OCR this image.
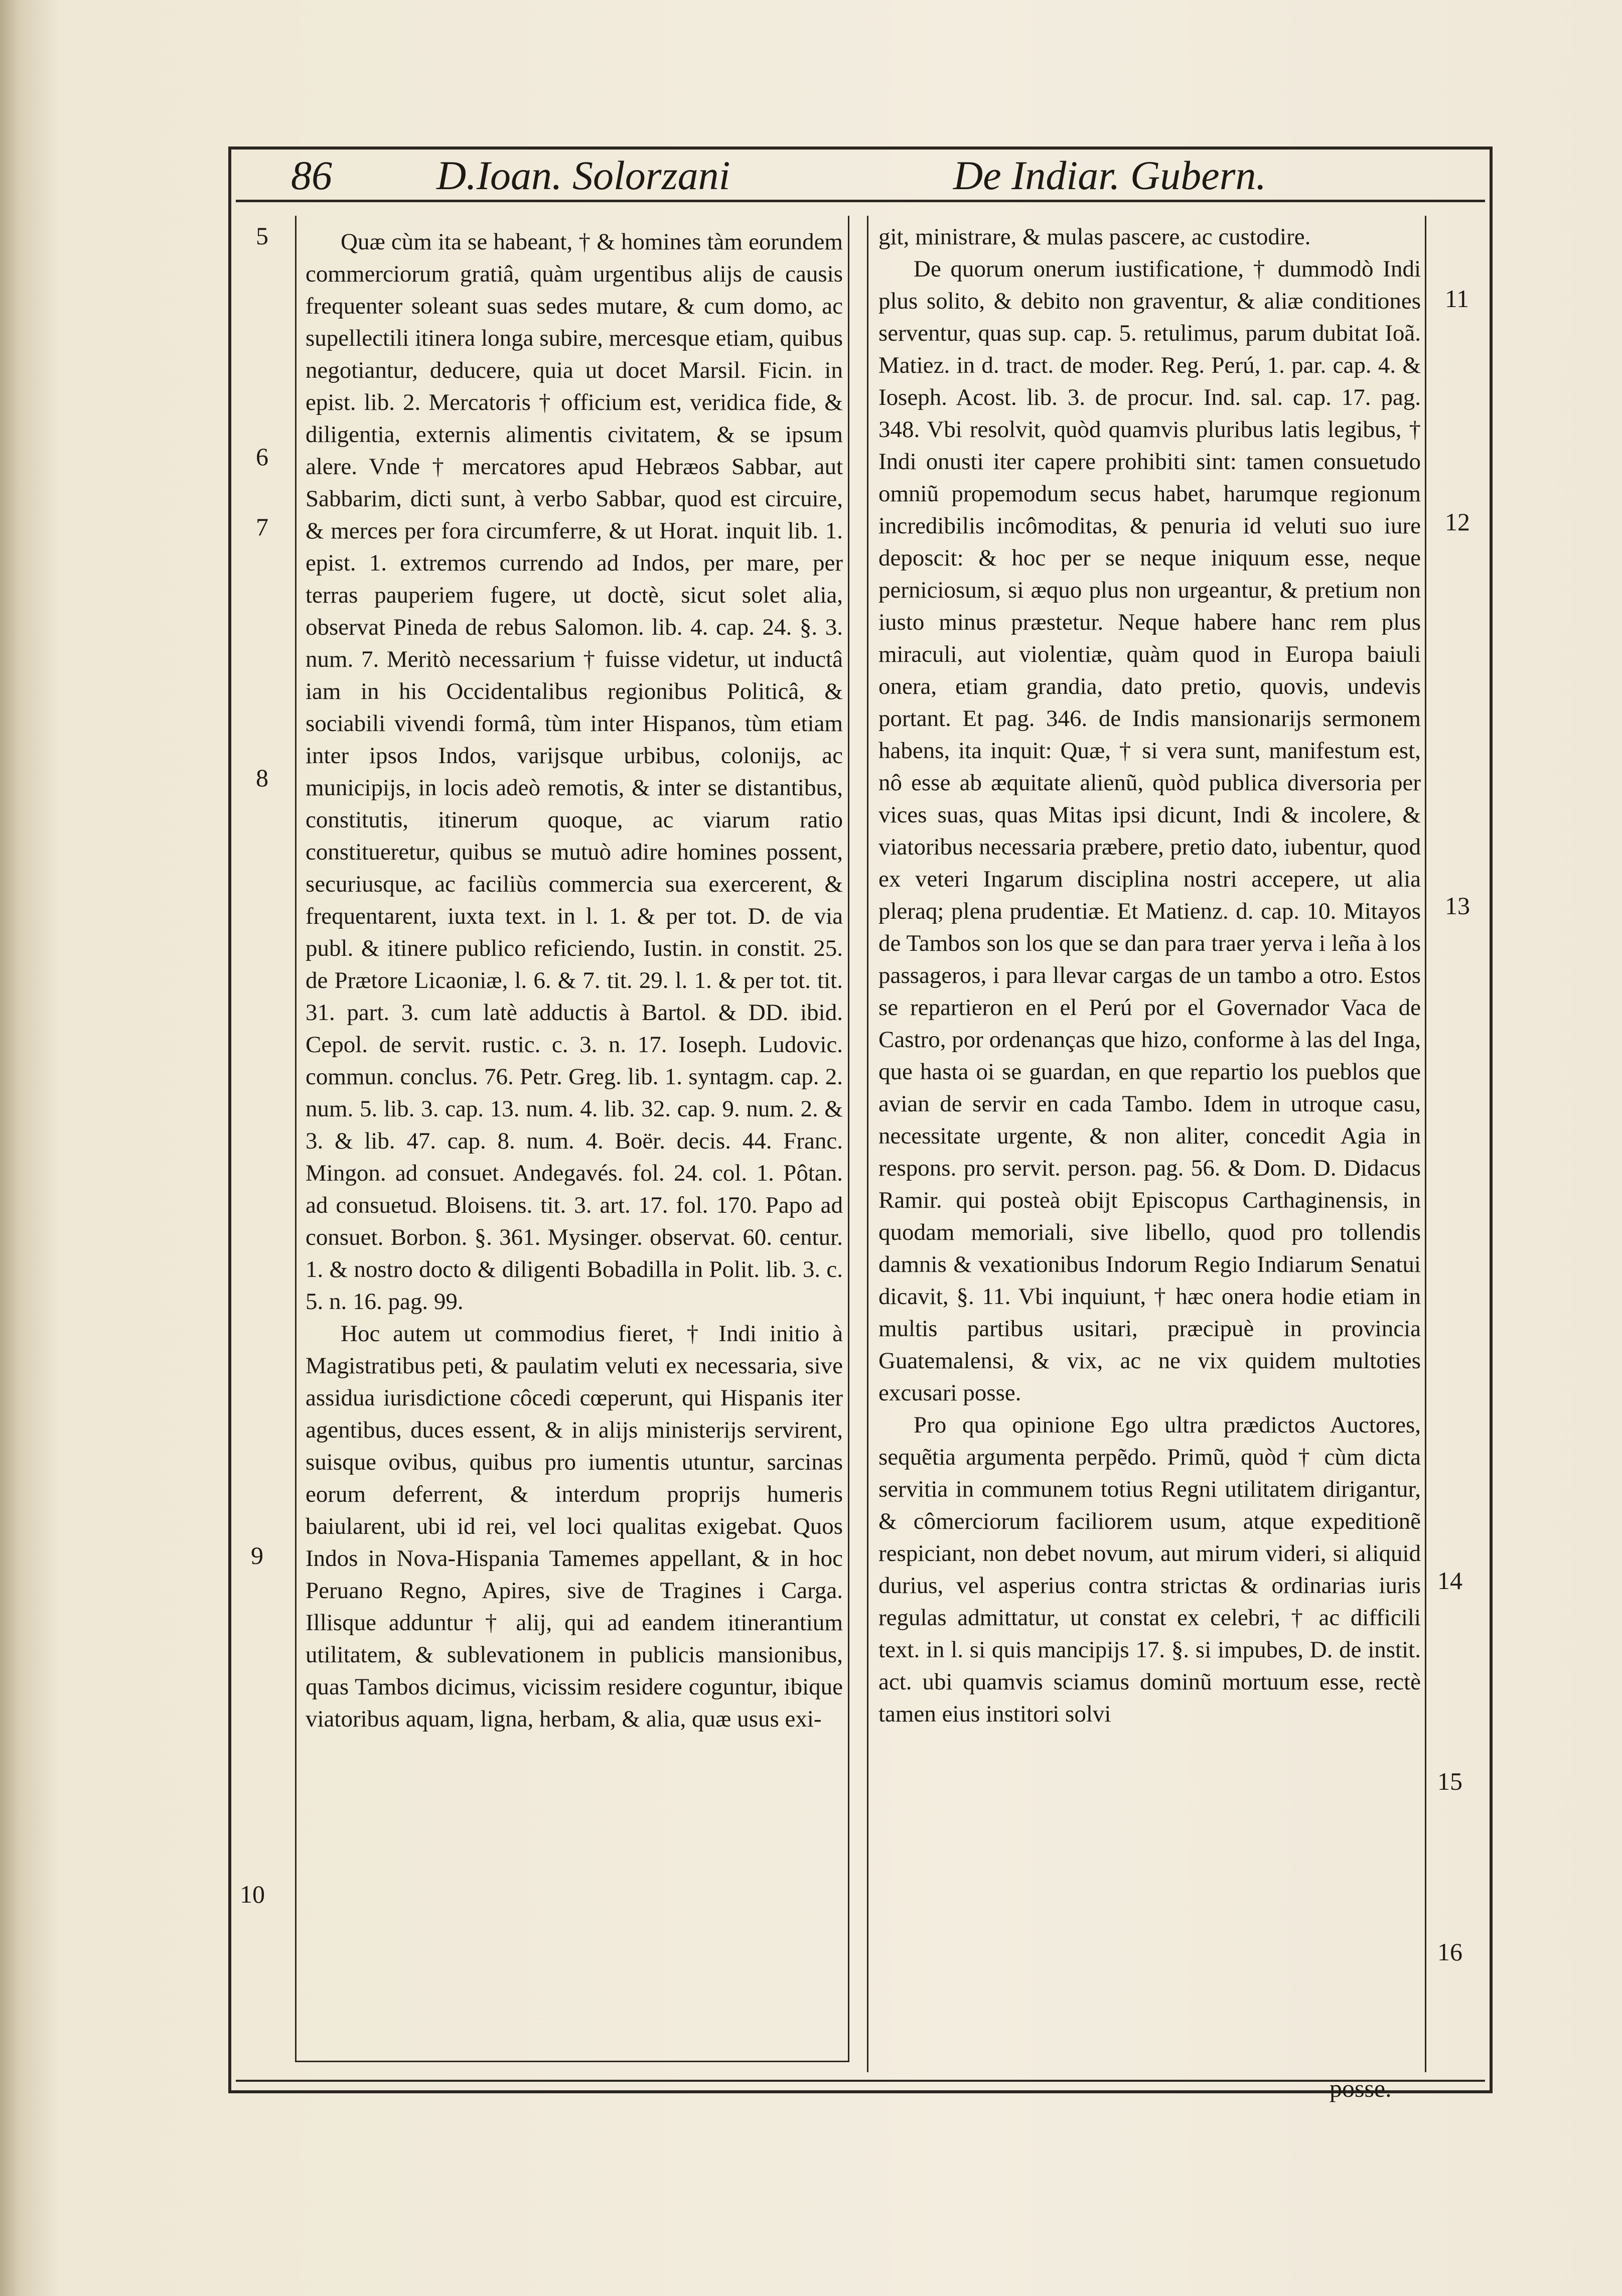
86	D.Ioan. Solorzani	De Indiar. Gubern.
5
6
7
8
9
10
11
12
13
14
15
16

Quæ cùm ita se habeant, † & homines tàm eorundem commerciorum gratiâ, quàm urgentibus alijs de causis frequenter soleant suas sedes mutare, & cum domo, ac supellectili itinera longa subire, mercesque etiam, quibus negotiantur, deducere, quia ut docet Marsil. Ficin. in epist. lib. 2. Mercatoris † officium est, veridica fide, & diligentia, externis alimentis civitatem, & se ipsum alere. Vnde † mercatores apud Hebræos Sabbar, aut Sabbarim, dicti sunt, à verbo Sabbar, quod est circuire, & merces per fora circumferre, & ut Horat. inquit lib. 1. epist. 1. extremos currendo ad Indos, per mare, per terras pauperiem fugere, ut doctè, sicut solet alia, observat Pineda de rebus Salomon. lib. 4. cap. 24. §. 3. num. 7. Meritò necessarium † fuisse videtur, ut inductâ iam in his Occidentalibus regionibus Politicâ, & sociabili vivendi formâ, tùm inter Hispanos, tùm etiam inter ipsos Indos, varijsque urbibus, colonijs, ac municipijs, in locis adeò remotis, & inter se distantibus, constitutis, itinerum quoque, ac viarum ratio constitueretur, quibus se mutuò adire homines possent, securiusque, ac faciliùs commercia sua exercerent, & frequentarent, iuxta text. in l. 1. & per tot. D. de via publ. & itinere publico reficiendo, Iustin. in constit. 25. de Prætore Licaoniæ, l. 6. & 7. tit. 29. l. 1. & per tot. tit. 31. part. 3. cum latè adductis à Bartol. & DD. ibid. Cepol. de servit. rustic. c. 3. n. 17. Ioseph. Ludovic. commun. conclus. 76. Petr. Greg. lib. 1. syntagm. cap. 2. num. 5. lib. 3. cap. 13. num. 4. lib. 32. cap. 9. num. 2. & 3. & lib. 47. cap. 8. num. 4. Boër. decis. 44. Franc. Mingon. ad consuet. Andegavés. fol. 24. col. 1. Pôtan. ad consuetud. Bloisens. tit. 3. art. 17. fol. 170. Papo ad consuet. Borbon. §. 361. Mysinger. observat. 60. centur. 1. & nostro docto & diligenti Bobadilla in Polit. lib. 3. c. 5. n. 16. pag. 99.

Hoc autem ut commodius fieret, † Indi initio à Magistratibus peti, & paulatim veluti ex necessaria, sive assidua iurisdictione côcedi cœperunt, qui Hispanis iter agentibus, duces essent, & in alijs ministerijs servirent, suisque ovibus, quibus pro iumentis utuntur, sarcinas eorum deferrent, & interdum proprijs humeris baiularent, ubi id rei, vel loci qualitas exigebat. Quos Indos in Nova-Hispania Tamemes appellant, & in hoc Peruano Regno, Apires, sive de Tragines i Carga. Illisque adduntur † alij, qui ad eandem itinerantium utilitatem, & sublevationem in publicis mansionibus, quas Tambos dicimus, vicissim residere coguntur, ibique viatoribus aquam, ligna, herbam, & alia, quæ usus exi-

git, ministrare, & mulas pascere, ac custodire.

De quorum onerum iustificatione, † dummodò Indi plus solito, & debito non graventur, & aliæ conditiones serventur, quas sup. cap. 5. retulimus, parum dubitat Ioã. Matiez. in d. tract. de moder. Reg. Perú, 1. par. cap. 4. & Ioseph. Acost. lib. 3. de procur. Ind. sal. cap. 17. pag. 348. Vbi resolvit, quòd quamvis pluribus latis legibus, † Indi onusti iter capere prohibiti sint: tamen consuetudo omniũ propemodum secus habet, harumque regionum incredibilis incômoditas, & penuria id veluti suo iure deposcit: & hoc per se neque iniquum esse, neque perniciosum, si æquo plus non urgeantur, & pretium non iusto minus præstetur. Neque habere hanc rem plus miraculi, aut violentiæ, quàm quod in Europa baiuli onera, etiam grandia, dato pretio, quovis, undevis portant. Et pag. 346. de Indis mansionarijs sermonem habens, ita inquit: Quæ, † si vera sunt, manifestum est, nô esse ab æquitate alienũ, quòd publica diversoria per vices suas, quas Mitas ipsi dicunt, Indi & incolere, & viatoribus necessaria præbere, pretio dato, iubentur, quod ex veteri Ingarum disciplina nostri accepere, ut alia pleraq; plena prudentiæ. Et Matienz. d. cap. 10. Mitayos de Tambos son los que se dan para traer yerva i leña à los passageros, i para llevar cargas de un tambo a otro. Estos se repartieron en el Perú por el Governador Vaca de Castro, por ordenanças que hizo, conforme à las del Inga, que hasta oi se guardan, en que repartio los pueblos que avian de servir en cada Tambo. Idem in utroque casu, necessitate urgente, & non aliter, concedit Agia in respons. pro servit. person. pag. 56. & Dom. D. Didacus Ramir. qui posteà obijt Episcopus Carthaginensis, in quodam memoriali, sive libello, quod pro tollendis damnis & vexationibus Indorum Regio Indiarum Senatui dicavit, §. 11. Vbi inquiunt, † hæc onera hodie etiam in multis partibus usitari, præcipuè in provincia Guatemalensi, & vix, ac ne vix quidem multoties excusari posse.

Pro qua opinione Ego ultra prædictos Auctores, sequẽtia argumenta perpẽdo. Primũ, quòd † cùm dicta servitia in communem totius Regni utilitatem dirigantur, & cômerciorum faciliorem usum, atque expeditionẽ respiciant, non debet novum, aut mirum videri, si aliquid durius, vel asperius contra strictas & ordinarias iuris regulas admittatur, ut constat ex celebri, † ac difficili text. in l. si quis mancipijs 17. §. si impubes, D. de instit. act. ubi quamvis sciamus dominũ mortuum esse, rectè tamen eius institori solvi

posse.
